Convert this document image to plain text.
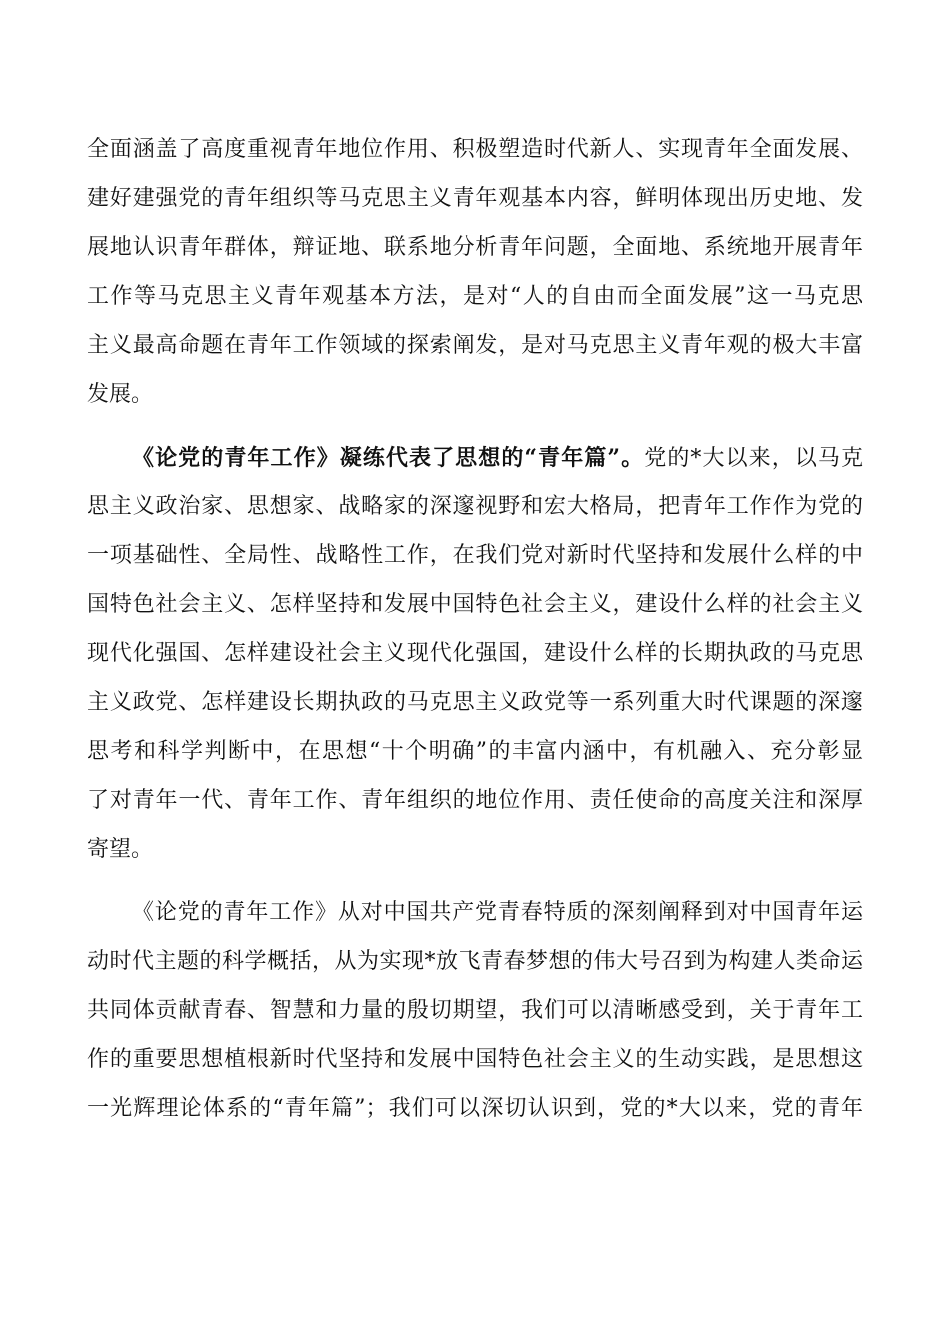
全面涵盖了高度重视青年地位作用、积极塑造时代新人、实现青年全面发展、
建好建强党的青年组织等马克思主义青年观基本内容，鲜明体现出历史地、发
展地认识青年群体，辩证地、联系地分析青年问题，全面地、系统地开展青年
工作等马克思主义青年观基本方法，是对“人的自由而全面发展”这一马克思
主义最高命题在青年工作领域的探索阐发，是对马克思主义青年观的极大丰富
发展。
《论党的青年工作》凝练代表了思想的“青年篇”。党的*大以来，以马克
思主义政治家、思想家、战略家的深邃视野和宏大格局，把青年工作作为党的
一项基础性、全局性、战略性工作，在我们党对新时代坚持和发展什么样的中
国特色社会主义、怎样坚持和发展中国特色社会主义，建设什么样的社会主义
现代化强国、怎样建设社会主义现代化强国，建设什么样的长期执政的马克思
主义政党、怎样建设长期执政的马克思主义政党等一系列重大时代课题的深邃
思考和科学判断中，在思想“十个明确”的丰富内涵中，有机融入、充分彰显
了对青年一代、青年工作、青年组织的地位作用、责任使命的高度关注和深厚
寄望。
《论党的青年工作》从对中国共产党青春特质的深刻阐释到对中国青年运
动时代主题的科学概括，从为实现*放飞青春梦想的伟大号召到为构建人类命运
共同体贡献青春、智慧和力量的殷切期望，我们可以清晰感受到，关于青年工
作的重要思想植根新时代坚持和发展中国特色社会主义的生动实践，是思想这
一光辉理论体系的“青年篇”；我们可以深切认识到，党的*大以来，党的青年
